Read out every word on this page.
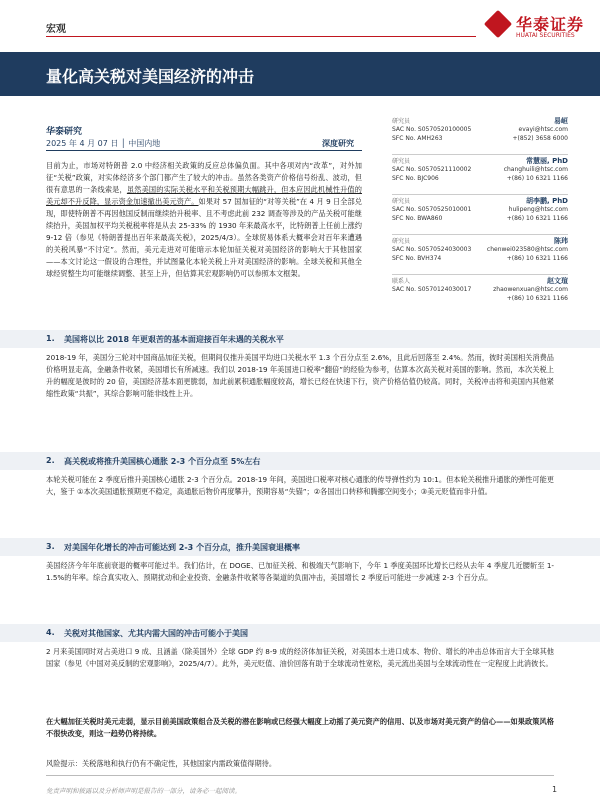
宏观	华泰证券
HUATAI SECURITIES
量化高关税对美国经济的冲击
华泰研究
2025 年 4 月 07 日 │ 中国内地	深度研究
目前为止，市场对特朗普 2.0 中经济相关政策的反应总体偏负面。其中各项对内“改革”，对外加征“关税”政策，对实体经济多个部门都产生了较大的冲击。虽然各类资产价格信号纷乱、波动，但很有意思的一条线索是，虽然美国的实际关税水平和关税预期大幅跳升，但本应因此机械性升值的美元却不升反降，显示资金加速撤出美元资产。如果对 57 国加征的“对等关税”在 4 月 9 日全部兑现，即使特朗普不再因他国反制而继续抬升税率、且不考虑此前 232 调查等涉及的产品关税可能继续抬升，美国加权平均关税税率将是从去 25-33% 的 1930 年来最高水平，比特朗普上任前上涨约 9-12 倍（参见《特朗普提出百年来最高关税》，2025/4/3）。全球贸易体系大概率会对百年来遭遇的关税风暴“不讨定”。然而，美元走进对可能暗示本轮加征关税对美国经济的影响大于其他国家——本文讨论这一假设的合理性，并试图量化本轮关税上升对美国经济的影响。全球关税和其他全球经贸整生均可能继续调整、甚至上升，但估算其宏观影响仍可以参照本文框架。
研究员	易峘
SAC No. S0570520100005	evayi@htsc.com
SFC No. AMH263	+(852) 3658 6000
研究员	常慧丽, PhD
SAC No. S0570521110002	changhuili@htsc.com
SFC No. BJC906	+(86) 10 6321 1166
研究员	胡李鹏, PhD
SAC No. S0570525010001	hulipeng@htsc.com
SFC No. BWA860	+(86) 10 6321 1166
研究员	陈玮
SAC No. S0570524030003	chenwei023580@htsc.com
SFC No. BVH374	+(86) 10 6321 1166
联系人	赵文瑄
SAC No. S0570124030017	zhaowenxuan@htsc.com
+(86) 10 6321 1166
1. 美国将以比 2018 年更艰苦的基本面迎接百年未遇的关税水平
2018-19 年，美国分三轮对中国商品加征关税，但期间仅推升美国平均进口关税水平 1.3 个百分点至 2.6%，且此后回落至 2.4%。然而，彼时美国相关消费品价格明显走高，金融条件收紧，美国增长有所减速。我们以 2018-19 年美国进口税率“翻倍”的经验为参考，估算本次高关税对美国的影响。然而，本次关税上升的幅度是彼时的 20 倍，美国经济基本面更脆弱，加此前累积通胀幅度较高，增长已经在快速下行，资产价格估值仍较高。同时，关税冲击将和美国内其他紧缩性政策“共振”，其综合影响可能非线性上升。
2. 高关税或将推升美国核心通胀 2-3 个百分点至 5%左右
本轮关税可能在 2 季度后推升美国核心通胀 2-3 个百分点。2018-19 年间，美国进口税率对核心通胀的传导弹性约为 10:1。但本轮关税推升通胀的弹性可能更大，鉴于 ①本次美国通胀预期更不稳定，高通胀后物价再度攀升，预期容易“失锚”；②各国出口转移和腾挪空间变小；③美元贬值而非升值。
3. 对美国年化增长的冲击可能达到 2-3 个百分点，推升美国衰退概率
美国经济今年年底前衰退的概率可能过半。我们估计，在 DOGE、已加征关税、和极端天气影响下，今年 1 季度美国环比增长已经从去年 4 季度几近腰斩至 1-1.5%的年率。综合真实收入、预期扰动和企业投资、金融条件收紧等各渠道的负面冲击，美国增长 2 季度后可能进一步减速 2-3 个百分点。
4. 关税对其他国家、尤其内需大国的冲击可能小于美国
2 月来美国同时对占美进口 9 成、且涵盖（除美国外）全球 GDP 约 8-9 成的经济体加征关税，对美国本土进口成本、物价、增长的冲击总体而言大于全球其他国家（参见《中国对美反制的宏观影响》，2025/4/7）。此外，美元贬值、油价回落有助于全球流动性宽松，美元流出美国与全球流动性在一定程度上此消彼长。
在大幅加征关税时美元走弱，显示目前美国政策组合及关税的潜在影响或已经强大幅度上动摇了美元资产的信用、以及市场对美元资产的信心——如果政策风格不很快改变，则这一趋势仍将持续。
风险提示：关税落地和执行仍有不确定性，其他国家内需政策值得期待。
免责声明和披露以及分析师声明是报告的一部分，请务必一起阅读。	1
